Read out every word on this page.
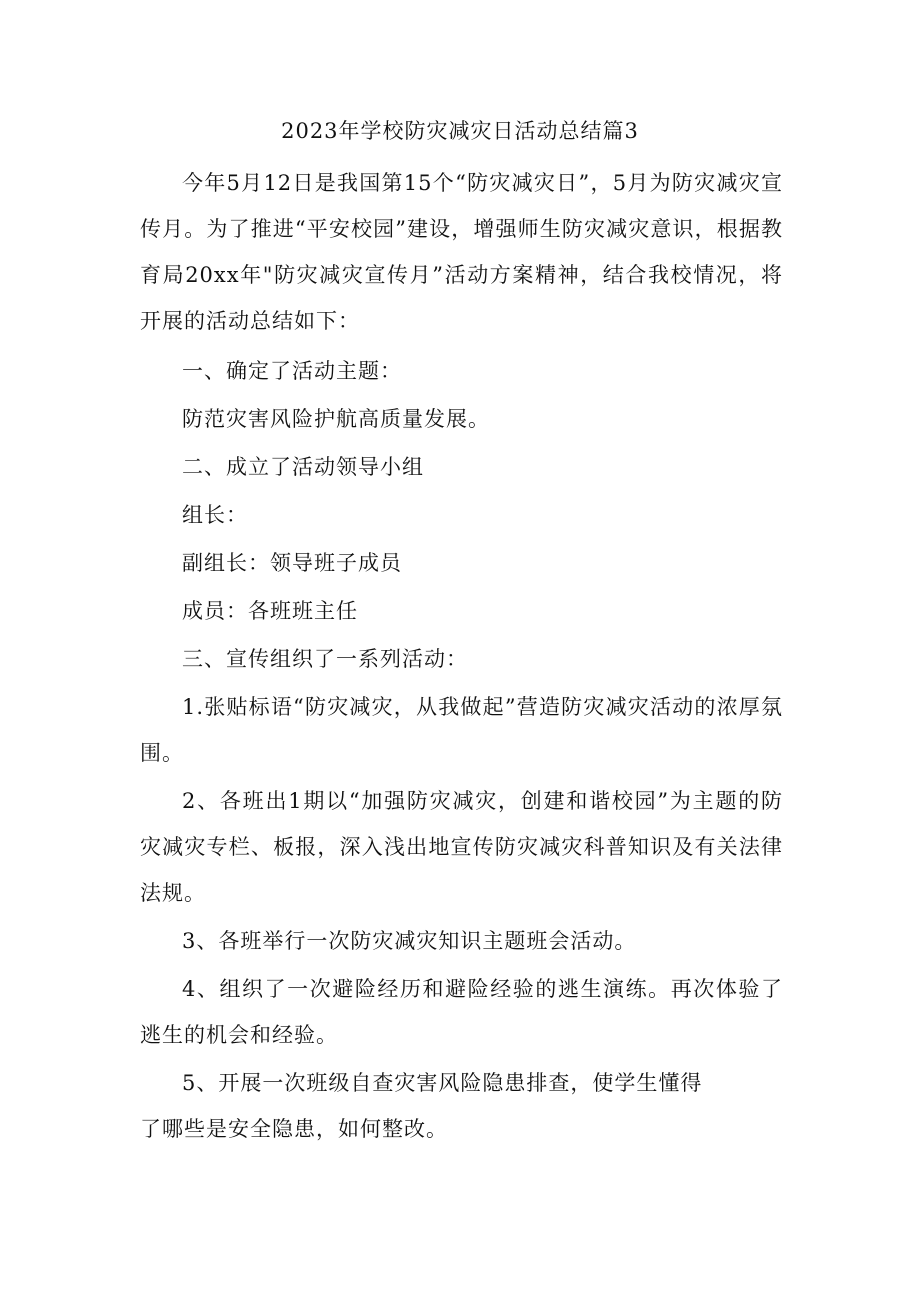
2023年学校防灾减灾日活动总结篇3
今年5月12日是我国第15个“防灾减灾日”，5月为防灾减灾宣传月。为了推进“平安校园”建设，增强师生防灾减灾意识，根据教育局20xx年"防灾减灾宣传月”活动方案精神，结合我校情况，将开展的活动总结如下：
一、确定了活动主题：
防范灾害风险护航高质量发展。
二、成立了活动领导小组
组长：
副组长：领导班子成员
成员：各班班主任
三、宣传组织了一系列活动：
1.张贴标语“防灾减灾，从我做起”营造防灾减灾活动的浓厚氛围。
2、各班出1期以“加强防灾减灾，创建和谐校园”为主题的防灾减灾专栏、板报，深入浅出地宣传防灾减灾科普知识及有关法律法规。
3、各班举行一次防灾减灾知识主题班会活动。
4、组织了一次避险经历和避险经验的逃生演练。再次体验了逃生的机会和经验。
5、开展一次班级自查灾害风险隐患排查，使学生懂得
了哪些是安全隐患，如何整改。
